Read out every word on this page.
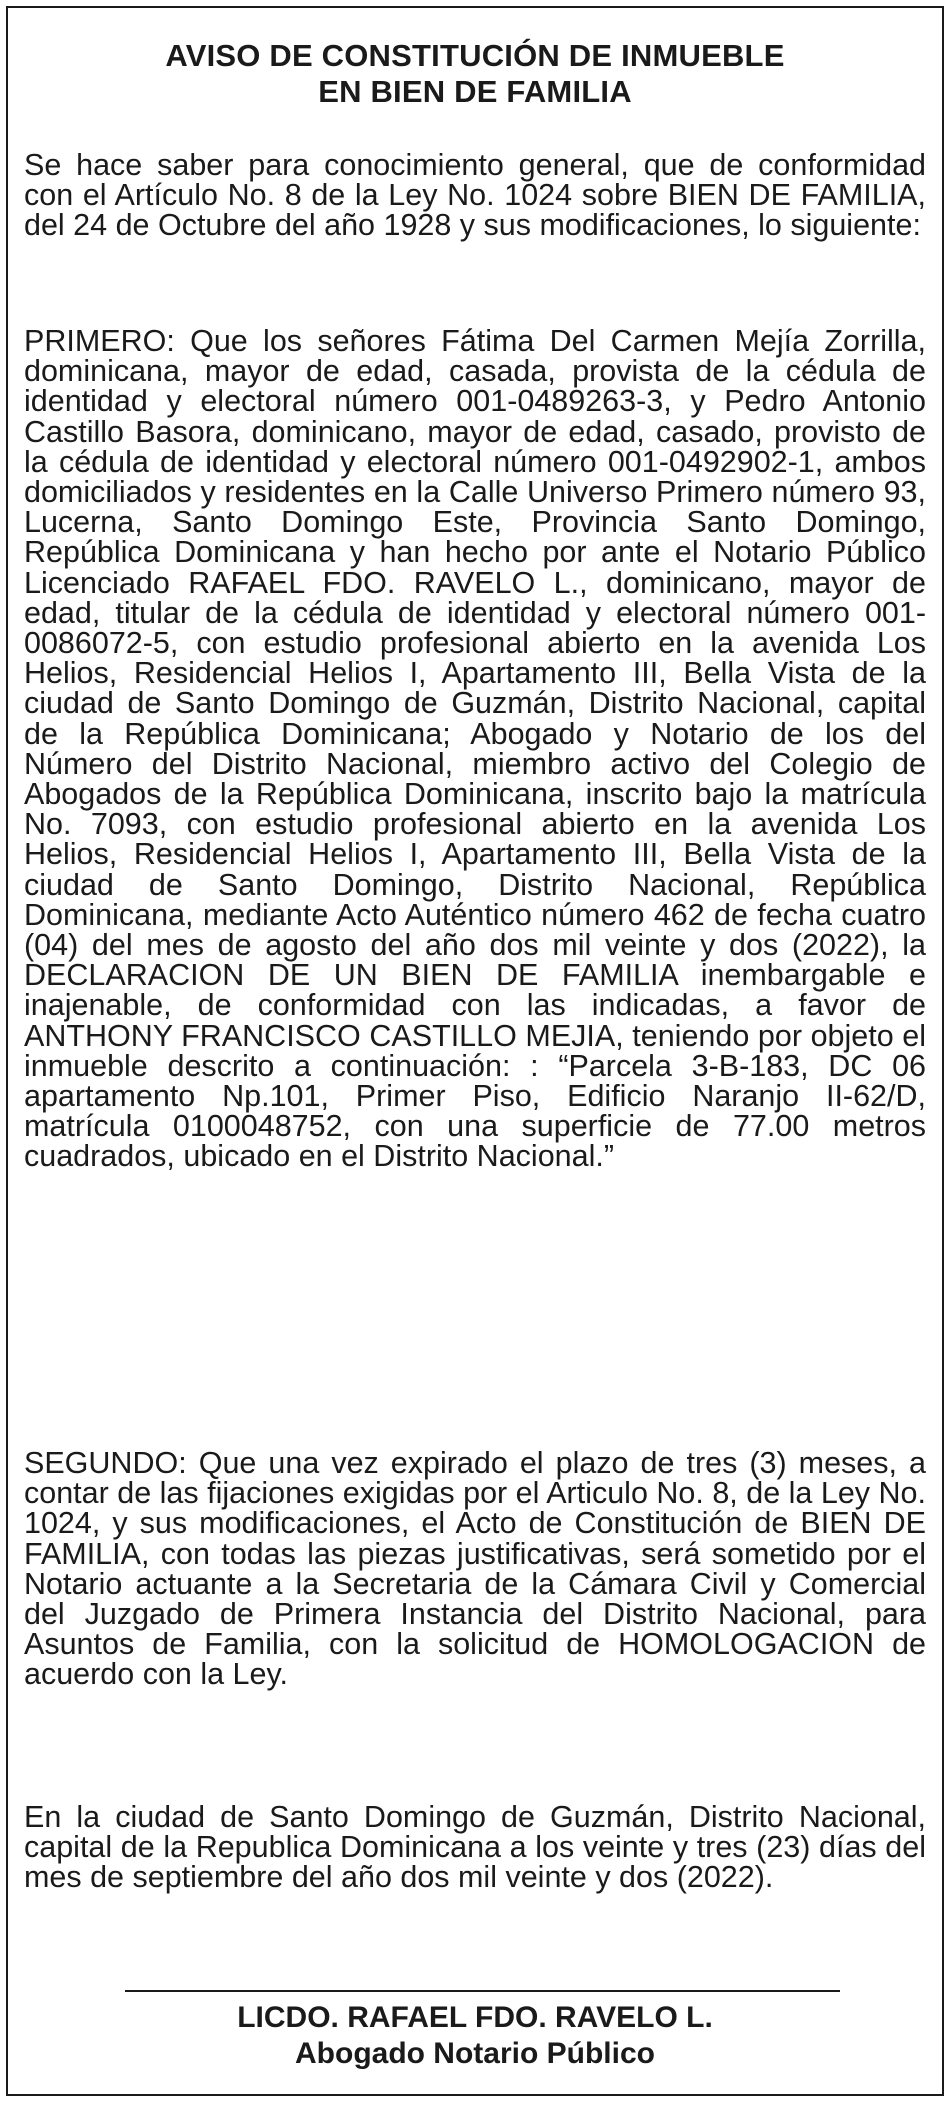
AVISO DE CONSTITUCIÓN DE INMUEBLE
EN BIEN DE FAMILIA

Se hace saber para conocimiento general, que de conformidad con el Artículo No. 8 de la Ley No. 1024 sobre BIEN DE FAMILIA, del 24 de Octubre del año 1928 y sus modificaciones, lo siguiente:

PRIMERO: Que los señores Fátima Del Carmen Mejía Zorrilla, dominicana, mayor de edad, casada, provista de la cédula de identidad y electoral número 001-0489263-3, y Pedro Antonio Castillo Basora, dominicano, mayor de edad, casado, provisto de la cédula de identidad y electoral número 001-0492902-1, ambos domiciliados y residentes en la Calle Universo Primero número 93, Lucerna, Santo Domingo Este, Provincia Santo Domingo, República Dominicana y han hecho por ante el Notario Público Licenciado RAFAEL FDO. RAVELO L., dominicano, mayor de edad, titular de la cédula de identidad y electoral número 001-0086072-5, con estudio profesional abierto en la avenida Los Helios, Residencial Helios I, Apartamento III, Bella Vista de la ciudad de Santo Domingo de Guzmán, Distrito Nacional, capital de la República Dominicana; Abogado y Notario de los del Número del Distrito Nacional, miembro activo del Colegio de Abogados de la República Dominicana, inscrito bajo la matrícula No. 7093, con estudio profesional abierto en la avenida Los Helios, Residencial Helios I, Apartamento III, Bella Vista de la ciudad de Santo Domingo, Distrito Nacional, República Dominicana, mediante Acto Auténtico número 462 de fecha cuatro (04) del mes de agosto del año dos mil veinte y dos (2022), la DECLARACION DE UN BIEN DE FAMILIA inembargable e inajenable, de conformidad con las indicadas, a favor de ANTHONY FRANCISCO CASTILLO MEJIA, teniendo por objeto el inmueble descrito a continuación: : “Parcela 3-B-183, DC 06 apartamento Np.101, Primer Piso, Edificio Naranjo II-62/D, matrícula 0100048752, con una superficie de 77.00 metros cuadrados, ubicado en el Distrito Nacional.”

SEGUNDO: Que una vez expirado el plazo de tres (3) meses, a contar de las fijaciones exigidas por el Articulo No. 8, de la Ley No. 1024, y sus modificaciones, el Acto de Constitución de BIEN DE FAMILIA, con todas las piezas justificativas, será sometido por el Notario actuante a la Secretaria de la Cámara Civil y Comercial del Juzgado de Primera Instancia del Distrito Nacional, para Asuntos de Familia, con la solicitud de HOMOLOGACION de acuerdo con la Ley.

En la ciudad de Santo Domingo de Guzmán, Distrito Nacional, capital de la Republica Dominicana a los veinte y tres (23) días del mes de septiembre del año dos mil veinte y dos (2022).

LICDO. RAFAEL FDO. RAVELO L.
Abogado Notario Público
